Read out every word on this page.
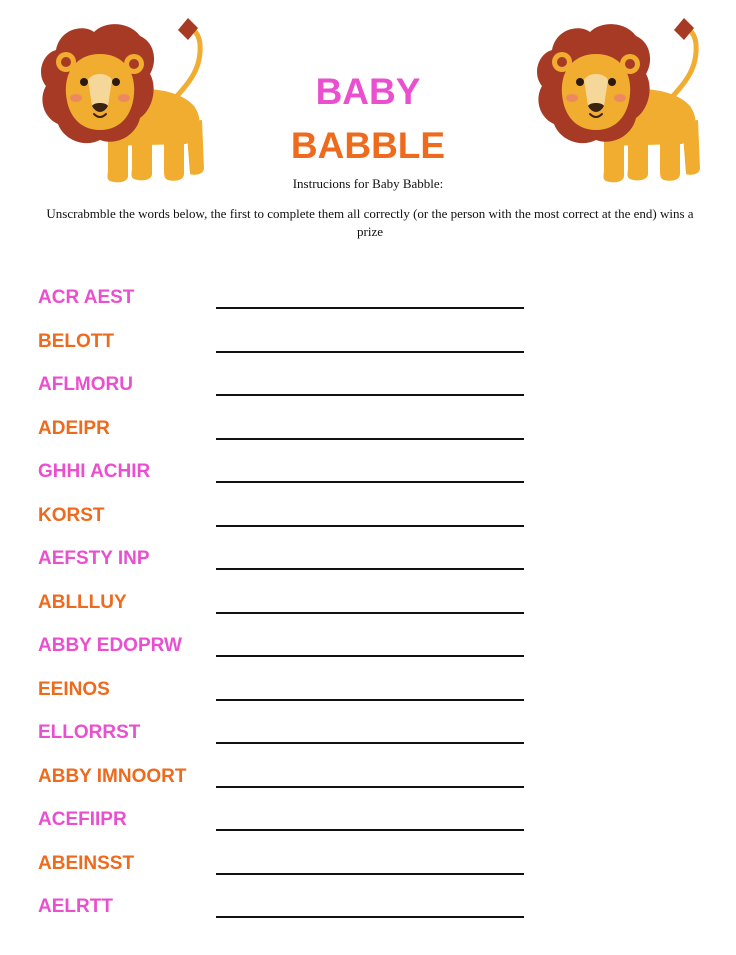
BABY
BABBLE
Instrucions for Baby Babble:
Unscrabmble the words below, the first to complete them all correctly (or the person with the most correct at the end) wins a prize
ACR AEST
BELOTT
AFLMORU
ADEIPR
GHHI ACHIR
KORST
AEFSTY INP
ABLLLUY
ABBY EDOPRW
EEINOS
ELLORRST
ABBY IMNOORT
ACEFIIPR
ABEINSST
AELRTT
